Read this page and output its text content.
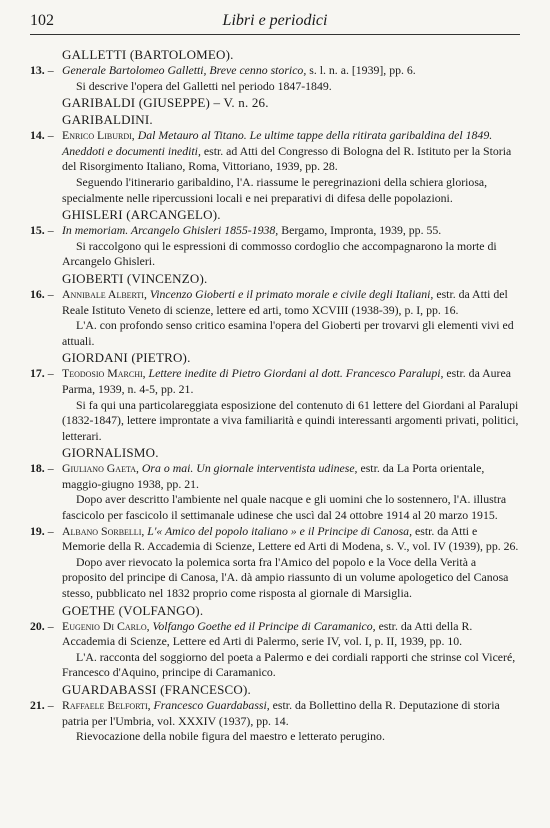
102	Libri e periodici
GALLETTI (BARTOLOMEO).
13. –	Generale Bartolomeo Galletti, Breve cenno storico, s. l. n. a. [1939], pp. 6.
Si descrive l'opera del Galletti nel periodo 1847-1849.
GARIBALDI (GIUSEPPE) – V. n. 26.
GARIBALDINI.
14. –	Enrico Liburdi, Dal Metauro al Titano. Le ultime tappe della ritirata garibaldina del 1849. Aneddoti e documenti inediti, estr. ad Atti del Congresso di Bologna del R. Istituto per la Storia del Risorgimento Italiano, Roma, Vittoriano, 1939, pp. 28.
Seguendo l'itinerario garibaldino, l'A. riassume le peregrinazioni della schiera gloriosa, specialmente nelle ripercussioni locali e nei preparativi di difesa delle popolazioni.
GHISLERI (ARCANGELO).
15. –	In memoriam. Arcangelo Ghisleri 1855-1938, Bergamo, Impronta, 1939, pp. 55.
Si raccolgono qui le espressioni di commosso cordoglio che accompagnarono la morte di Arcangelo Ghisleri.
GIOBERTI (VINCENZO).
16. –	Annibale Alberti, Vincenzo Gioberti e il primato morale e civile degli Italiani, estr. da Atti del Reale Istituto Veneto di scienze, lettere ed arti, tomo XCVIII (1938-39), p. I, pp. 16.
L'A. con profondo senso critico esamina l'opera del Gioberti per trovarvi gli elementi vivi ed attuali.
GIORDANI (PIETRO).
17. –	Teodosio Marchi, Lettere inedite di Pietro Giordani al dott. Francesco Paralupi, estr. da Aurea Parma, 1939, n. 4-5, pp. 21.
Si fa qui una particolareggiata esposizione del contenuto di 61 lettere del Giordani al Paralupi (1832-1847), lettere improntate a viva familiarità e quindi interessanti argomenti privati, politici, letterari.
GIORNALISMO.
18. –	Giuliano Gaeta, Ora o mai. Un giornale interventista udinese, estr. da La Porta orientale, maggio-giugno 1938, pp. 21.
Dopo aver descritto l'ambiente nel quale nacque e gli uomini che lo sostennero, l'A. illustra fascicolo per fascicolo il settimanale udinese che uscì dal 24 ottobre 1914 al 20 marzo 1915.
19. –	Albano Sorbelli, L'« Amico del popolo italiano » e il Principe di Canosa, estr. da Atti e Memorie della R. Accademia di Scienze, Lettere ed Arti di Modena, s. V., vol. IV (1939), pp. 26.
Dopo aver rievocato la polemica sorta fra l'Amico del popolo e la Voce della Verità a proposito del principe di Canosa, l'A. dà ampio riassunto di un volume apologetico del Canosa stesso, pubblicato nel 1832 proprio come risposta al giornale di Marsiglia.
GOETHE (VOLFANGO).
20. –	Eugenio Di Carlo, Volfango Goethe ed il Principe di Caramanico, estr. da Atti della R. Accademia di Scienze, Lettere ed Arti di Palermo, serie IV, vol. I, p. II, 1939, pp. 10.
L'A. racconta del soggiorno del poeta a Palermo e dei cordiali rapporti che strinse col Viceré, Francesco d'Aquino, principe di Caramanico.
GUARDABASSI (FRANCESCO).
21. –	Raffaele Belforti, Francesco Guardabassi, estr. da Bollettino della R. Deputazione di storia patria per l'Umbria, vol. XXXIV (1937), pp. 14.
Rievocazione della nobile figura del maestro e letterato perugino.
